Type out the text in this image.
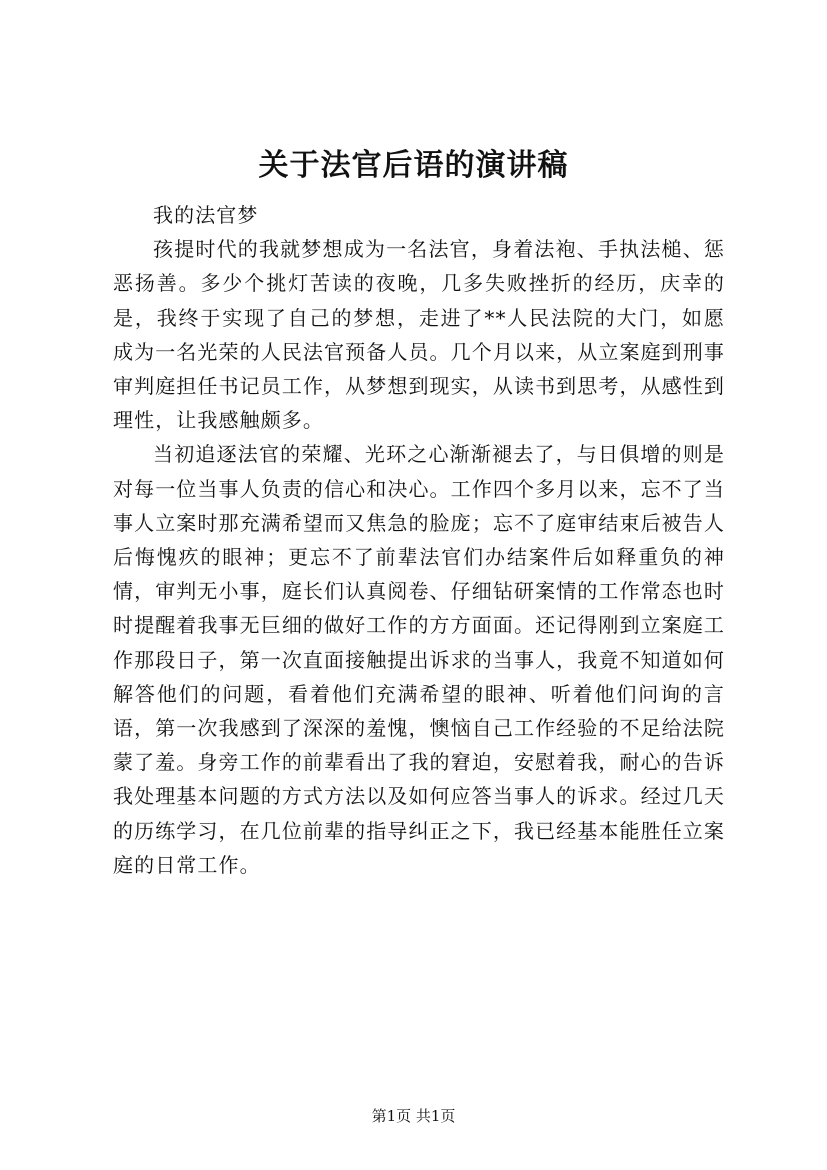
关于法官后语的演讲稿

我的法官梦

孩提时代的我就梦想成为一名法官，身着法袍、手执法槌、惩恶扬善。多少个挑灯苦读的夜晚，几多失败挫折的经历，庆幸的是，我终于实现了自己的梦想，走进了**人民法院的大门，如愿成为一名光荣的人民法官预备人员。几个月以来，从立案庭到刑事审判庭担任书记员工作，从梦想到现实，从读书到思考，从感性到理性，让我感触颇多。

当初追逐法官的荣耀、光环之心渐渐褪去了，与日俱增的则是对每一位当事人负责的信心和决心。工作四个多月以来，忘不了当事人立案时那充满希望而又焦急的脸庞；忘不了庭审结束后被告人后悔愧疚的眼神；更忘不了前辈法官们办结案件后如释重负的神情，审判无小事，庭长们认真阅卷、仔细钻研案情的工作常态也时时提醒着我事无巨细的做好工作的方方面面。还记得刚到立案庭工作那段日子，第一次直面接触提出诉求的当事人，我竟不知道如何解答他们的问题，看着他们充满希望的眼神、听着他们问询的言语，第一次我感到了深深的羞愧，懊恼自己工作经验的不足给法院蒙了羞。身旁工作的前辈看出了我的窘迫，安慰着我，耐心的告诉我处理基本问题的方式方法以及如何应答当事人的诉求。经过几天的历练学习，在几位前辈的指导纠正之下，我已经基本能胜任立案庭的日常工作。

第1页 共1页
